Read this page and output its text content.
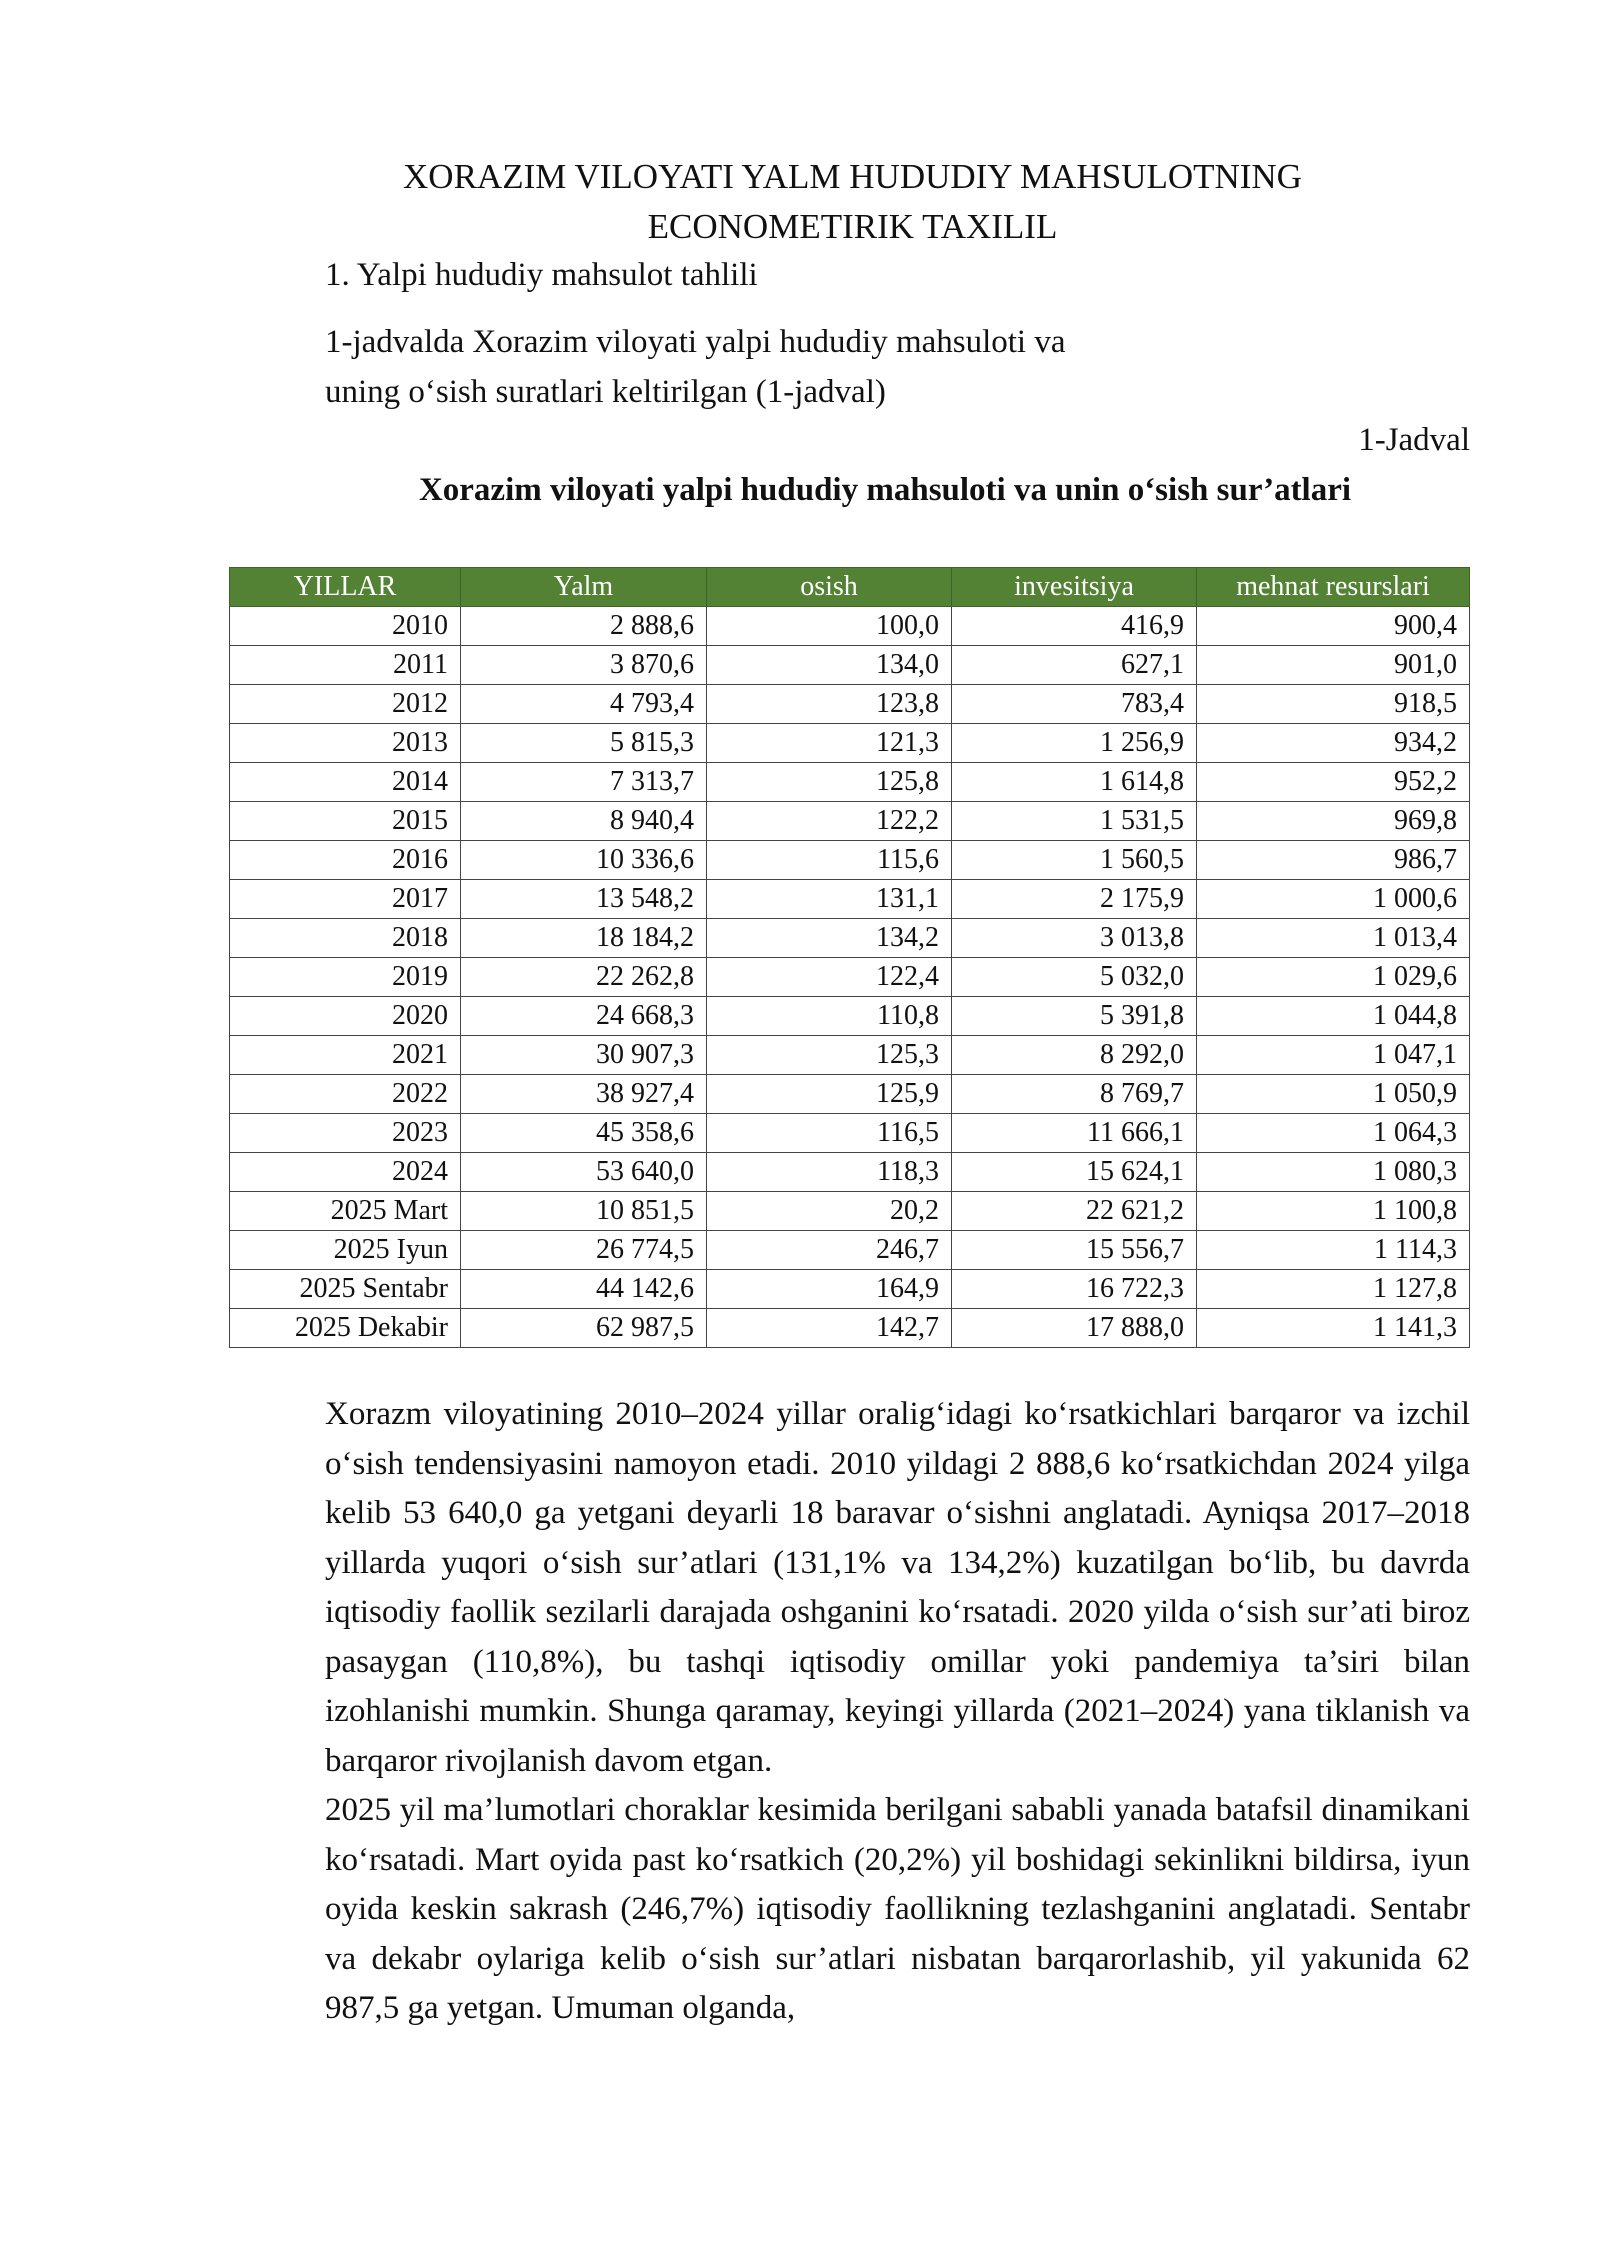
XORAZIM VILOYATI YALM HUDUDIY MAHSULOTNING
ECONOMETIRIK TAXILIL
1. Yalpi hududiy mahsulot tahlili
1-jadvalda Xorazim viloyati yalpi hududiy mahsuloti va
uning o‘sish suratlari keltirilgan (1-jadval)
1-Jadval
Xorazim viloyati yalpi hududiy mahsuloti va unin o‘sish sur’atlari
YILLAR	Yalm	osish	invesitsiya	mehnat resurslari
2010	2 888,6	100,0	416,9	900,4
2011	3 870,6	134,0	627,1	901,0
2012	4 793,4	123,8	783,4	918,5
2013	5 815,3	121,3	1 256,9	934,2
2014	7 313,7	125,8	1 614,8	952,2
2015	8 940,4	122,2	1 531,5	969,8
2016	10 336,6	115,6	1 560,5	986,7
2017	13 548,2	131,1	2 175,9	1 000,6
2018	18 184,2	134,2	3 013,8	1 013,4
2019	22 262,8	122,4	5 032,0	1 029,6
2020	24 668,3	110,8	5 391,8	1 044,8
2021	30 907,3	125,3	8 292,0	1 047,1
2022	38 927,4	125,9	8 769,7	1 050,9
2023	45 358,6	116,5	11 666,1	1 064,3
2024	53 640,0	118,3	15 624,1	1 080,3
2025 Mart	10 851,5	20,2	22 621,2	1 100,8
2025 Iyun	26 774,5	246,7	15 556,7	1 114,3
2025 Sentabr	44 142,6	164,9	16 722,3	1 127,8
2025 Dekabir	62 987,5	142,7	17 888,0	1 141,3

Xorazm viloyatining 2010–2024 yillar oralig‘idagi ko‘rsatkichlari barqaror va izchil o‘sish tendensiyasini namoyon etadi. 2010 yildagi 2 888,6 ko‘rsatkichdan 2024 yilga kelib 53 640,0 ga yetgani deyarli 18 baravar o‘sishni anglatadi. Ayniqsa 2017–2018 yillarda yuqori o‘sish sur’atlari (131,1% va 134,2%) kuzatilgan bo‘lib, bu davrda iqtisodiy faollik sezilarli darajada oshganini ko‘rsatadi. 2020 yilda o‘sish sur’ati biroz pasaygan (110,8%), bu tashqi iqtisodiy omillar yoki pandemiya ta’siri bilan izohlanishi mumkin. Shunga qaramay, keyingi yillarda (2021–2024) yana tiklanish va barqaror rivojlanish davom etgan.

2025 yil ma’lumotlari choraklar kesimida berilgani sababli yanada batafsil dinamikani ko‘rsatadi. Mart oyida past ko‘rsatkich (20,2%) yil boshidagi sekinlikni bildirsa, iyun oyida keskin sakrash (246,7%) iqtisodiy faollikning tezlashganini anglatadi. Sentabr va dekabr oylariga kelib o‘sish sur’atlari nisbatan barqarorlashib, yil yakunida 62 987,5 ga yetgan. Umuman olganda,
